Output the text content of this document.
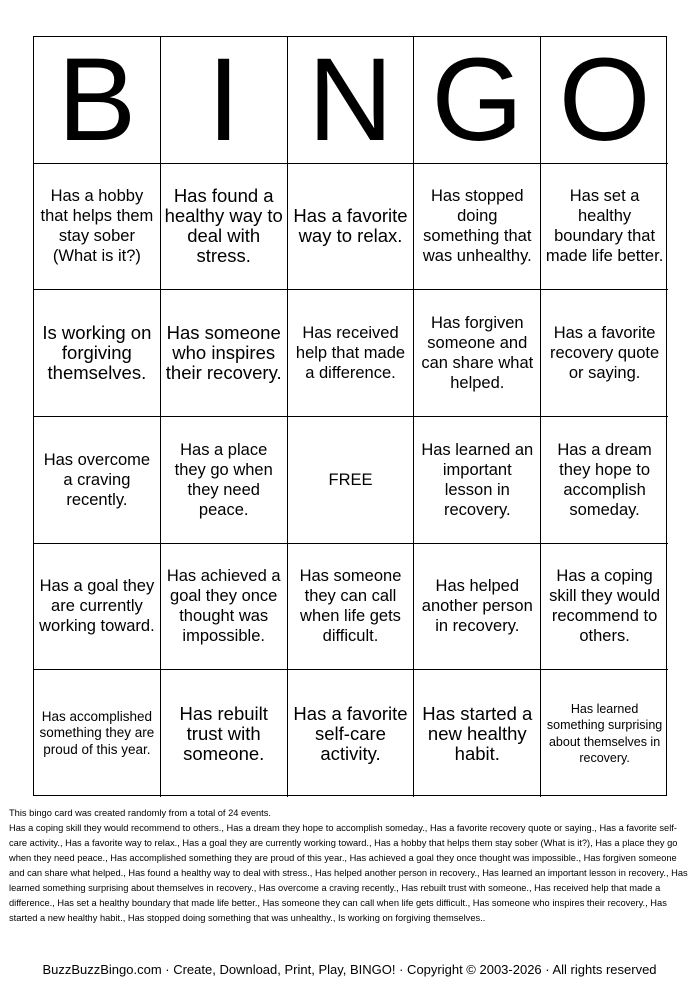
B I N G O
Has a hobby that helps them stay sober (What is it?)
Has found a healthy way to deal with stress.
Has a favorite way to relax.
Has stopped doing something that was unhealthy.
Has set a healthy boundary that made life better.
Is working on forgiving themselves.
Has someone who inspires their recovery.
Has received help that made a difference.
Has forgiven someone and can share what helped.
Has a favorite recovery quote or saying.
Has overcome a craving recently.
Has a place they go when they need peace.
FREE
Has learned an important lesson in recovery.
Has a dream they hope to accomplish someday.
Has a goal they are currently working toward.
Has achieved a goal they once thought was impossible.
Has someone they can call when life gets difficult.
Has helped another person in recovery.
Has a coping skill they would recommend to others.
Has accomplished something they are proud of this year.
Has rebuilt trust with someone.
Has a favorite self-care activity.
Has started a new healthy habit.
Has learned something surprising about themselves in recovery.
This bingo card was created randomly from a total of 24 events.
Has a coping skill they would recommend to others., Has a dream they hope to accomplish someday., Has a favorite recovery quote or saying., Has a favorite self-care activity., Has a favorite way to relax., Has a goal they are currently working toward., Has a hobby that helps them stay sober (What is it?), Has a place they go when they need peace., Has accomplished something they are proud of this year., Has achieved a goal they once thought was impossible., Has forgiven someone and can share what helped., Has found a healthy way to deal with stress., Has helped another person in recovery., Has learned an important lesson in recovery., Has learned something surprising about themselves in recovery., Has overcome a craving recently., Has rebuilt trust with someone., Has received help that made a difference., Has set a healthy boundary that made life better., Has someone they can call when life gets difficult., Has someone who inspires their recovery., Has started a new healthy habit., Has stopped doing something that was unhealthy., Is working on forgiving themselves..
BuzzBuzzBingo.com · Create, Download, Print, Play, BINGO! · Copyright © 2003-2026 · All rights reserved
